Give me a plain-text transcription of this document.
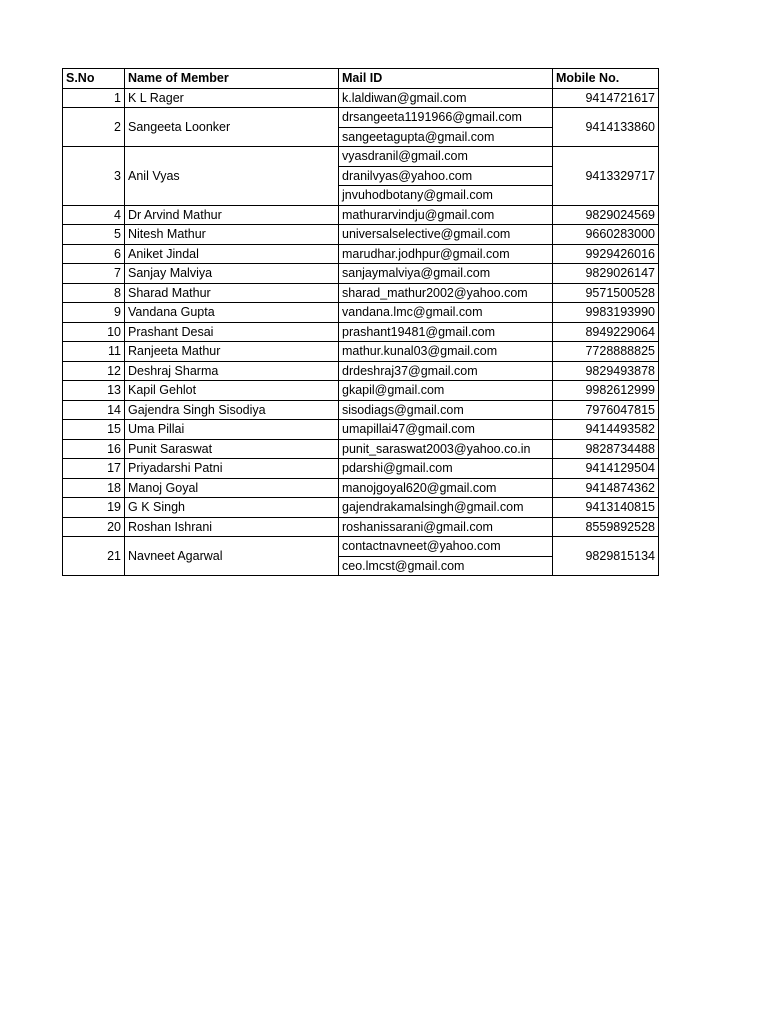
S.No	Name of Member	Mail ID	Mobile No.
1	K L Rager	k.laldiwan@gmail.com	9414721617
2	Sangeeta Loonker	drsangeeta1191966@gmail.com	9414133860
		sangeetagupta@gmail.com	
3	Anil Vyas	vyasdranil@gmail.com	9413329717
		dranilvyas@yahoo.com	
		jnvuhodbotany@gmail.com	
4	Dr Arvind Mathur	mathurarvindju@gmail.com	9829024569
5	Nitesh Mathur	universalselective@gmail.com	9660283000
6	Aniket Jindal	marudhar.jodhpur@gmail.com	9929426016
7	Sanjay Malviya	sanjaymalviya@gmail.com	9829026147
8	Sharad Mathur	sharad_mathur2002@yahoo.com	9571500528
9	Vandana Gupta	vandana.lmc@gmail.com	9983193990
10	Prashant Desai	prashant19481@gmail.com	8949229064
11	Ranjeeta Mathur	mathur.kunal03@gmail.com	7728888825
12	Deshraj Sharma	drdeshraj37@gmail.com	9829493878
13	Kapil Gehlot	gkapil@gmail.com	9982612999
14	Gajendra Singh Sisodiya	sisodiags@gmail.com	7976047815
15	Uma Pillai	umapillai47@gmail.com	9414493582
16	Punit Saraswat	punit_saraswat2003@yahoo.co.in	9828734488
17	Priyadarshi Patni	pdarshi@gmail.com	9414129504
18	Manoj Goyal	manojgoyal620@gmail.com	9414874362
19	G K Singh	gajendrakamalsingh@gmail.com	9413140815
20	Roshan Ishrani	roshanissarani@gmail.com	8559892528
21	Navneet Agarwal	contactnavneet@yahoo.com	9829815134
		ceo.lmcst@gmail.com	
